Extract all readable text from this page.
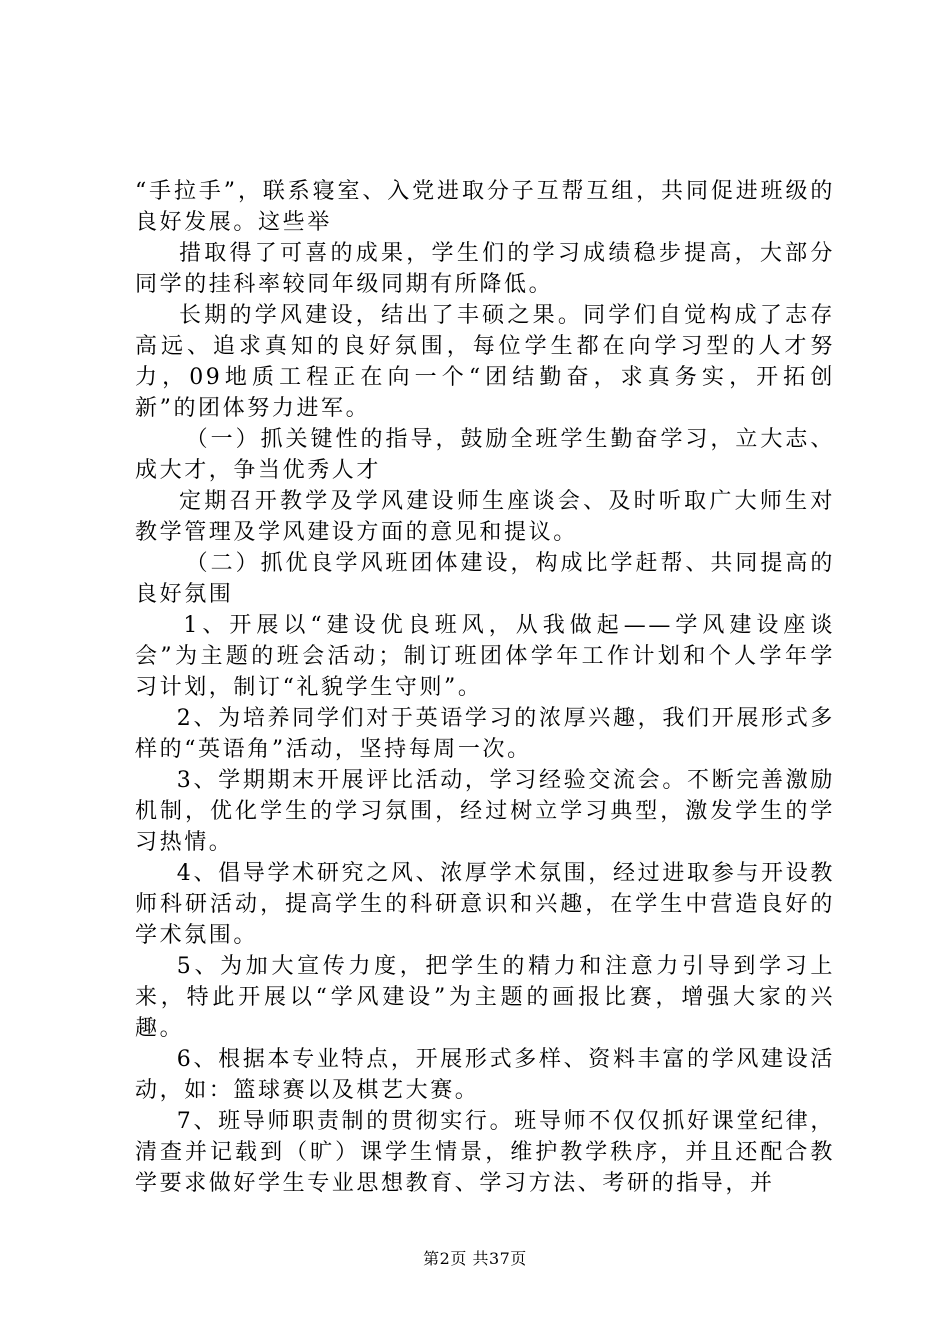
“手拉手”，联系寝室、入党进取分子互帮互组，共同促进班级的良好发展。这些举

措取得了可喜的成果，学生们的学习成绩稳步提高，大部分同学的挂科率较同年级同期有所降低。

长期的学风建设，结出了丰硕之果。同学们自觉构成了志存高远、追求真知的良好氛围，每位学生都在向学习型的人才努力，09地质工程正在向一个“团结勤奋，求真务实，开拓创新”的团体努力进军。

（一）抓关键性的指导，鼓励全班学生勤奋学习，立大志、成大才，争当优秀人才

定期召开教学及学风建设师生座谈会、及时听取广大师生对教学管理及学风建设方面的意见和提议。

（二）抓优良学风班团体建设，构成比学赶帮、共同提高的良好氛围

1、开展以“建设优良班风，从我做起——学风建设座谈会”为主题的班会活动；制订班团体学年工作计划和个人学年学习计划，制订“礼貌学生守则”。

2、为培养同学们对于英语学习的浓厚兴趣，我们开展形式多样的“英语角”活动，坚持每周一次。

3、学期期末开展评比活动，学习经验交流会。不断完善激励机制，优化学生的学习氛围，经过树立学习典型，激发学生的学习热情。

4、倡导学术研究之风、浓厚学术氛围，经过进取参与开设教师科研活动，提高学生的科研意识和兴趣，在学生中营造良好的学术氛围。

5、为加大宣传力度，把学生的精力和注意力引导到学习上来，特此开展以“学风建设”为主题的画报比赛，增强大家的兴趣。

6、根据本专业特点，开展形式多样、资料丰富的学风建设活动，如：篮球赛以及棋艺大赛。

7、班导师职责制的贯彻实行。班导师不仅仅抓好课堂纪律，清查并记载到（旷）课学生情景，维护教学秩序，并且还配合教学要求做好学生专业思想教育、学习方法、考研的指导，并

第2页 共37页
